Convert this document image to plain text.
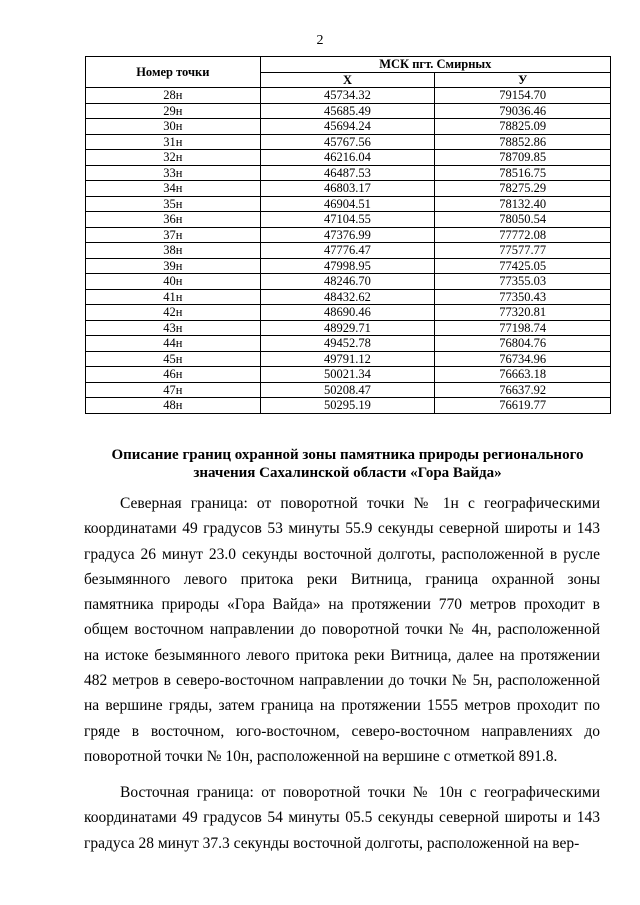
2
Номер точки	МСК пгт. Смирных	
	X	У
28н	45734.32	79154.70
29н	45685.49	79036.46
30н	45694.24	78825.09
31н	45767.56	78852.86
32н	46216.04	78709.85
33н	46487.53	78516.75
34н	46803.17	78275.29
35н	46904.51	78132.40
36н	47104.55	78050.54
37н	47376.99	77772.08
38н	47776.47	77577.77
39н	47998.95	77425.05
40н	48246.70	77355.03
41н	48432.62	77350.43
42н	48690.46	77320.81
43н	48929.71	77198.74
44н	49452.78	76804.76
45н	49791.12	76734.96
46н	50021.34	76663.18
47н	50208.47	76637.92
48н	50295.19	76619.77
Описание границ охранной зоны памятника природы регионального значения Сахалинской области «Гора Вайда»

Северная граница: от поворотной точки № 1н с географическими координатами 49 градусов 53 минуты 55.9 секунды северной широты и 143 градуса 26 минут 23.0 секунды восточной долготы, расположенной в русле безымянного левого притока реки Витница, граница охранной зоны памятника природы «Гора Вайда» на протяжении 770 метров проходит в общем восточном направлении до поворотной точки № 4н, расположенной на истоке безымянного левого притока реки Витница, далее на протяжении 482 метров в северо-восточном направлении до точки № 5н, расположенной на вершине гряды, затем граница на протяжении 1555 метров проходит по гряде в восточном, юго-восточном, северо-восточном направлениях до поворотной точки № 10н, расположенной на вершине с отметкой 891.8.

Восточная граница: от поворотной точки № 10н с географическими координатами 49 градусов 54 минуты 05.5 секунды северной широты и 143 градуса 28 минут 37.3 секунды восточной долготы, расположенной на вер-
